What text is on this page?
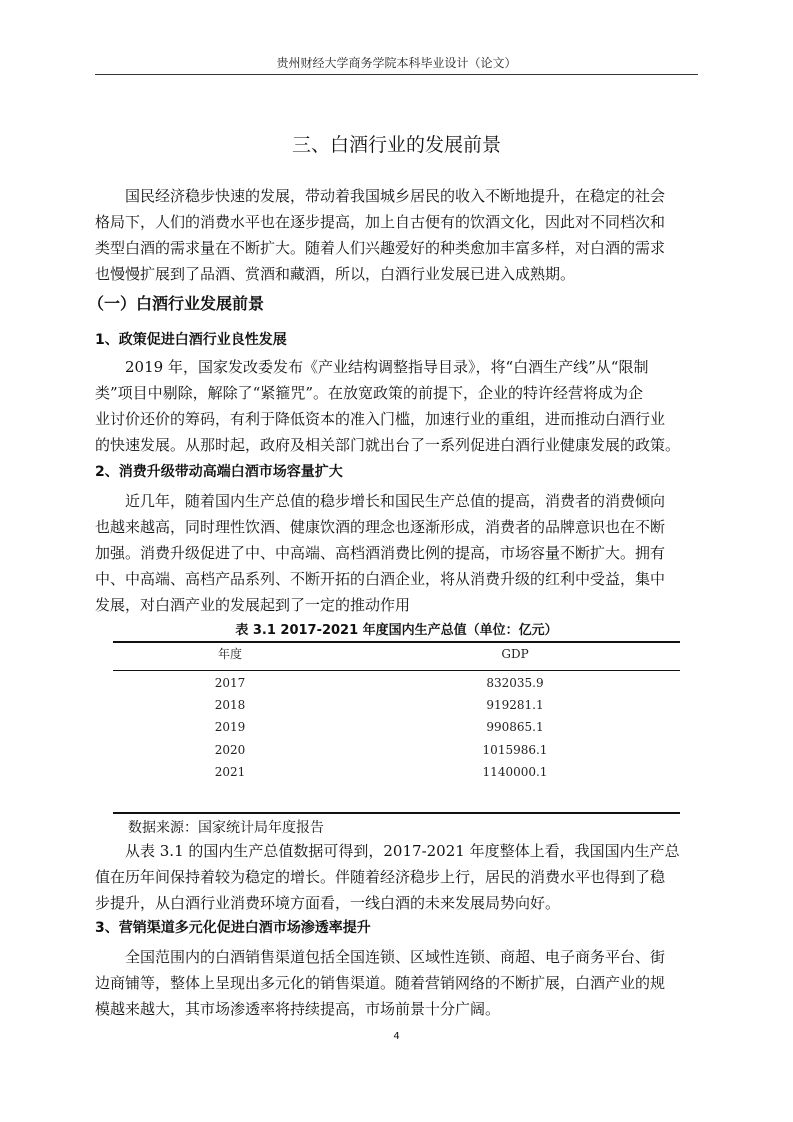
贵州财经大学商务学院本科毕业设计（论文）
三、白酒行业的发展前景

国民经济稳步快速的发展，带动着我国城乡居民的收入不断地提升，在稳定的社会
格局下，人们的消费水平也在逐步提高，加上自古便有的饮酒文化，因此对不同档次和
类型白酒的需求量在不断扩大。随着人们兴趣爱好的种类愈加丰富多样，对白酒的需求
也慢慢扩展到了品酒、赏酒和藏酒，所以，白酒行业发展已进入成熟期。

（一）白酒行业发展前景
1、政策促进白酒行业良性发展

2019 年，国家发改委发布《产业结构调整指导目录》，将“白酒生产线”从“限制
类”项目中剔除，解除了“紧箍咒”。在放宽政策的前提下，企业的特许经营将成为企
业讨价还价的筹码，有利于降低资本的准入门槛，加速行业的重组，进而推动白酒行业
的快速发展。从那时起，政府及相关部门就出台了一系列促进白酒行业健康发展的政策。

2、消费升级带动高端白酒市场容量扩大

近几年，随着国内生产总值的稳步增长和国民生产总值的提高，消费者的消费倾向
也越来越高，同时理性饮酒、健康饮酒的理念也逐渐形成，消费者的品牌意识也在不断
加强。消费升级促进了中、中高端、高档酒消费比例的提高，市场容量不断扩大。拥有
中、中高端、高档产品系列、不断开拓的白酒企业，将从消费升级的红利中受益，集中
发展，对白酒产业的发展起到了一定的推动作用

表 3.1 2017-2021 年度国内生产总值（单位：亿元）
年度	GDP
2017	832035.9
2018	919281.1
2019	990865.1
2020	1015986.1
2021	1140000.1
数据来源：国家统计局年度报告

从表 3.1 的国内生产总值数据可得到，2017-2021 年度整体上看，我国国内生产总
值在历年间保持着较为稳定的增长。伴随着经济稳步上行，居民的消费水平也得到了稳
步提升，从白酒行业消费环境方面看，一线白酒的未来发展局势向好。

3、营销渠道多元化促进白酒市场渗透率提升

全国范围内的白酒销售渠道包括全国连锁、区域性连锁、商超、电子商务平台、街
边商铺等，整体上呈现出多元化的销售渠道。随着营销网络的不断扩展，白酒产业的规
模越来越大，其市场渗透率将持续提高，市场前景十分广阔。

4
